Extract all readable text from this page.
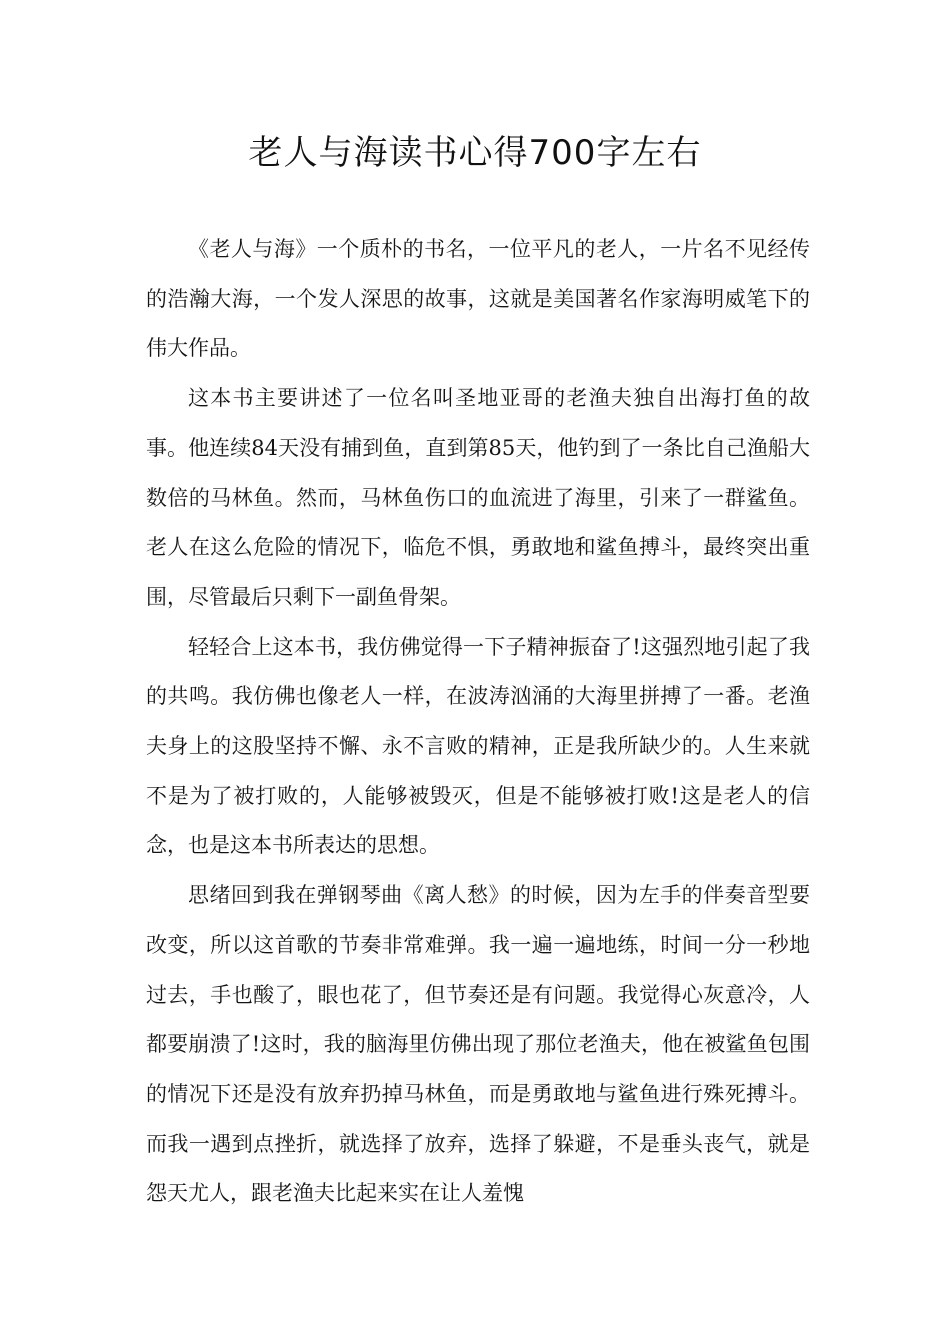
老人与海读书心得700字左右

《老人与海》一个质朴的书名，一位平凡的老人，一片名不见经传的浩瀚大海，一个发人深思的故事，这就是美国著名作家海明威笔下的伟大作品。

这本书主要讲述了一位名叫圣地亚哥的老渔夫独自出海打鱼的故事。他连续84天没有捕到鱼，直到第85天，他钓到了一条比自己渔船大数倍的马林鱼。然而，马林鱼伤口的血流进了海里，引来了一群鲨鱼。老人在这么危险的情况下，临危不惧，勇敢地和鲨鱼搏斗，最终突出重围，尽管最后只剩下一副鱼骨架。

轻轻合上这本书，我仿佛觉得一下子精神振奋了!这强烈地引起了我的共鸣。我仿佛也像老人一样，在波涛汹涌的大海里拼搏了一番。老渔夫身上的这股坚持不懈、永不言败的精神，正是我所缺少的。人生来就不是为了被打败的，人能够被毁灭，但是不能够被打败!这是老人的信念，也是这本书所表达的思想。

思绪回到我在弹钢琴曲《离人愁》的时候，因为左手的伴奏音型要改变，所以这首歌的节奏非常难弹。我一遍一遍地练，时间一分一秒地过去，手也酸了，眼也花了，但节奏还是有问题。我觉得心灰意冷，人都要崩溃了!这时，我的脑海里仿佛出现了那位老渔夫，他在被鲨鱼包围的情况下还是没有放弃扔掉马林鱼，而是勇敢地与鲨鱼进行殊死搏斗。而我一遇到点挫折，就选择了放弃，选择了躲避，不是垂头丧气，就是怨天尤人，跟老渔夫比起来实在让人羞愧
